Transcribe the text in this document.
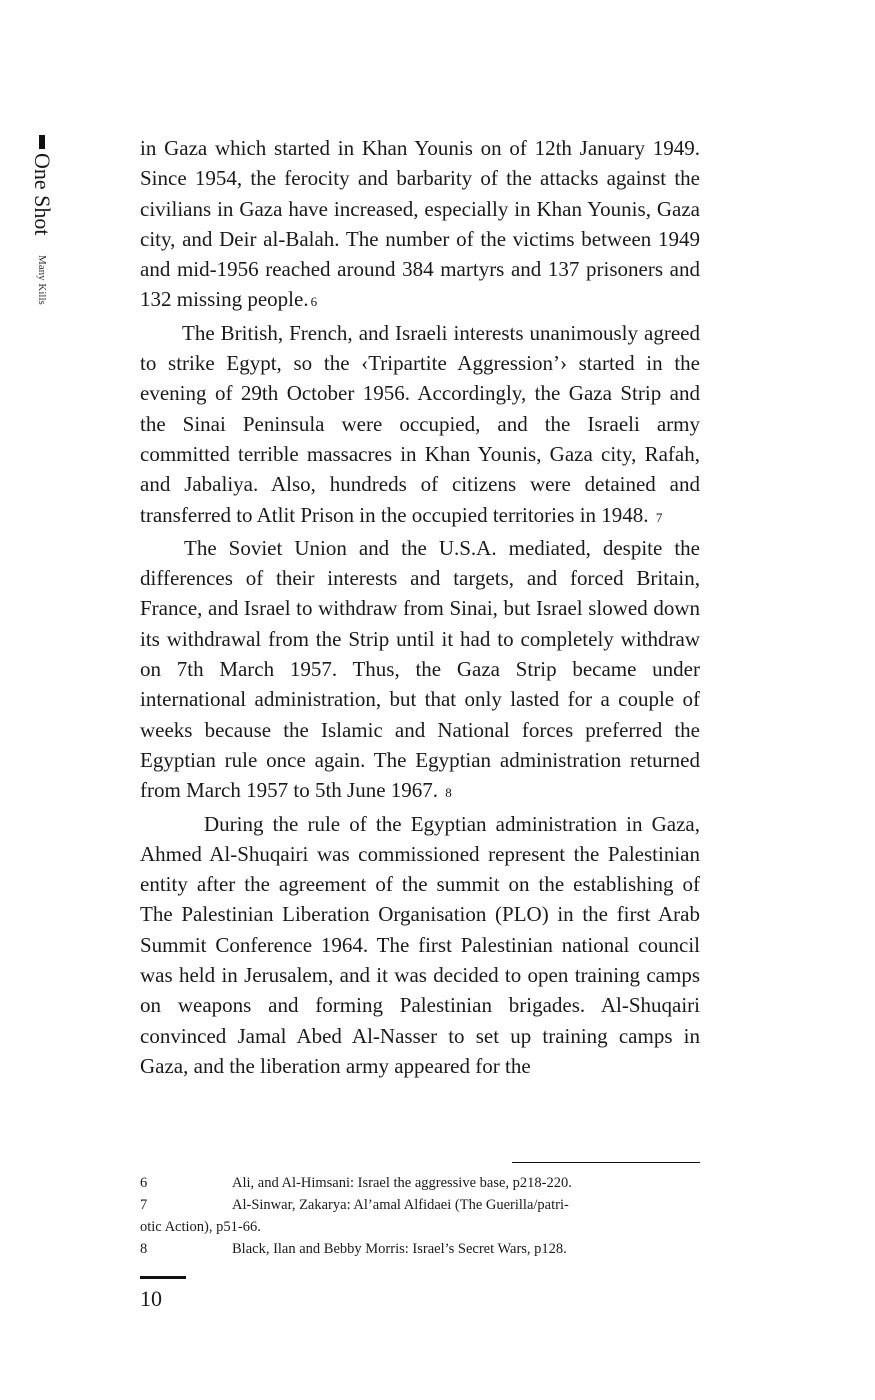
One Shot
Many Kills

in Gaza which started in Khan Younis on of 12th January 1949. Since 1954, the ferocity and barbarity of the attacks against the civilians in Gaza have increased, especially in Khan Younis, Gaza city, and Deir al-Balah. The number of the victims between 1949 and mid-1956 reached around 384 martyrs and 137 prisoners and 132 missing people. 6

The British, French, and Israeli interests unanimously agreed to strike Egypt, so the ‹Tripartite Aggression’› started in the evening of 29th October 1956. Accordingly, the Gaza Strip and the Sinai Peninsula were occupied, and the Israeli army committed terrible massacres in Khan Younis, Gaza city, Rafah, and Jabaliya. Also, hundreds of citizens were detained and transferred to Atlit Prison in the occupied territories in 1948. 7

The Soviet Union and the U.S.A. mediated, despite the differences of their interests and targets, and forced Britain, France, and Israel to withdraw from Sinai, but Israel slowed down its withdrawal from the Strip until it had to completely withdraw on 7th March 1957. Thus, the Gaza Strip became under international administration, but that only lasted for a couple of weeks because the Islamic and National forces preferred the Egyptian rule once again. The Egyptian administration returned from March 1957 to 5th June 1967. 8

During the rule of the Egyptian administration in Gaza, Ahmed Al-Shuqairi was commissioned represent the Palestinian entity after the agreement of the summit on the establishing of The Palestinian Liberation Organisation (PLO) in the first Arab Summit Conference 1964. The first Palestinian national council was held in Jerusalem, and it was decided to open training camps on weapons and forming Palestinian brigades. Al-Shuqairi convinced Jamal Abed Al-Nasser to set up training camps in Gaza, and the liberation army appeared for the

6	Ali, and Al-Himsani: Israel the aggressive base, p218-220.
7	Al-Sinwar, Zakarya: Al’amal Alfidaei (The Guerilla/patri-

otic Action), p51-66.

8	Black, Ilan and Bebby Morris: Israel’s Secret Wars, p128.
10
